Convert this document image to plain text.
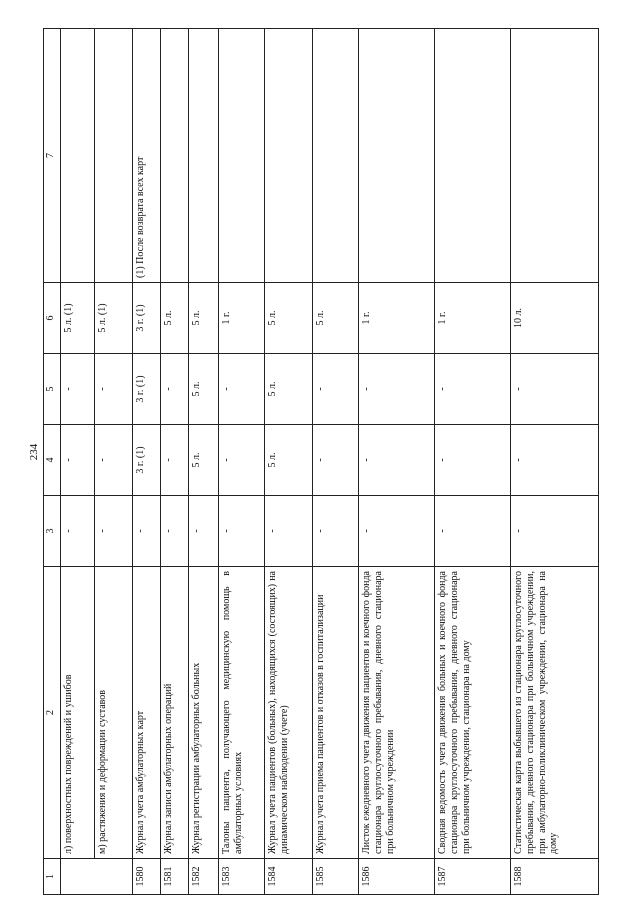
234
1	2	3	4	5	6	7
	л) поверхностных повреждений и ушибов	-	-	-	5 л. (1)	
	м) растяжения и деформации суставов	-	-	-	5 л. (1)	
1580	Журнал учета амбулаторных карт	-	3 г. (1)	3 г. (1)	3 г. (1)	(1) После возврата всех карт
1581	Журнал записи амбулаторных операций	-	-	-	5 л.	
1582	Журнал регистрации амбулаторных больных	-	5 л.	5 л.	5 л.	
1583	Талоны пациента, получающего медицинскую помощь в амбулаторных условиях	-	-	-	1 г.	
1584	Журнал учета пациентов (больных), находящихся (состоящих) на динамическом наблюдении (учете)	-	5 л.	5 л.	5 л.	
1585	Журнал учета приема пациентов и отказов в госпитализации	-	-	-	5 л.	
1586	Листок ежедневного учета движения пациентов и коечного фонда стационара круглосуточного пребывания, дневного стационара при больничном учреждении	-	-	-	1 г.	
1587	Сводная ведомость учета движения больных и коечного фонда стационара круглосуточного пребывания, дневного стационара при больничном учреждении, стационара на дому	-	-	-	1 г.	
1588	Статистическая карта выбывшего из стационара круглосуточного пребывания, дневного стационара при больничном учреждении, при амбулаторно-поликлиническом учреждении, стационара на дому	-	-	-	10 л.	
